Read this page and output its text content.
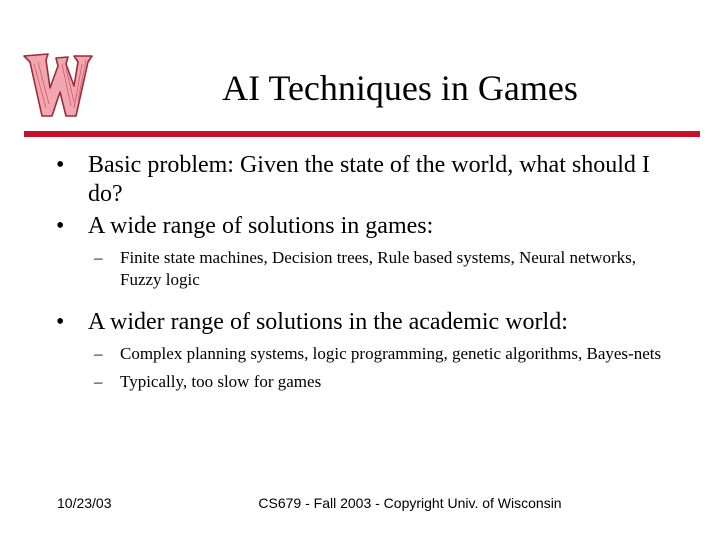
AI Techniques in Games
• Basic problem: Given the state of the world, what should I do?
• A wide range of solutions in games:
– Finite state machines, Decision trees, Rule based systems, Neural networks, Fuzzy logic
• A wider range of solutions in the academic world:
– Complex planning systems, logic programming, genetic algorithms, Bayes-nets
– Typically, too slow for games
10/23/03	CS679 - Fall 2003 - Copyright Univ. of Wisconsin
